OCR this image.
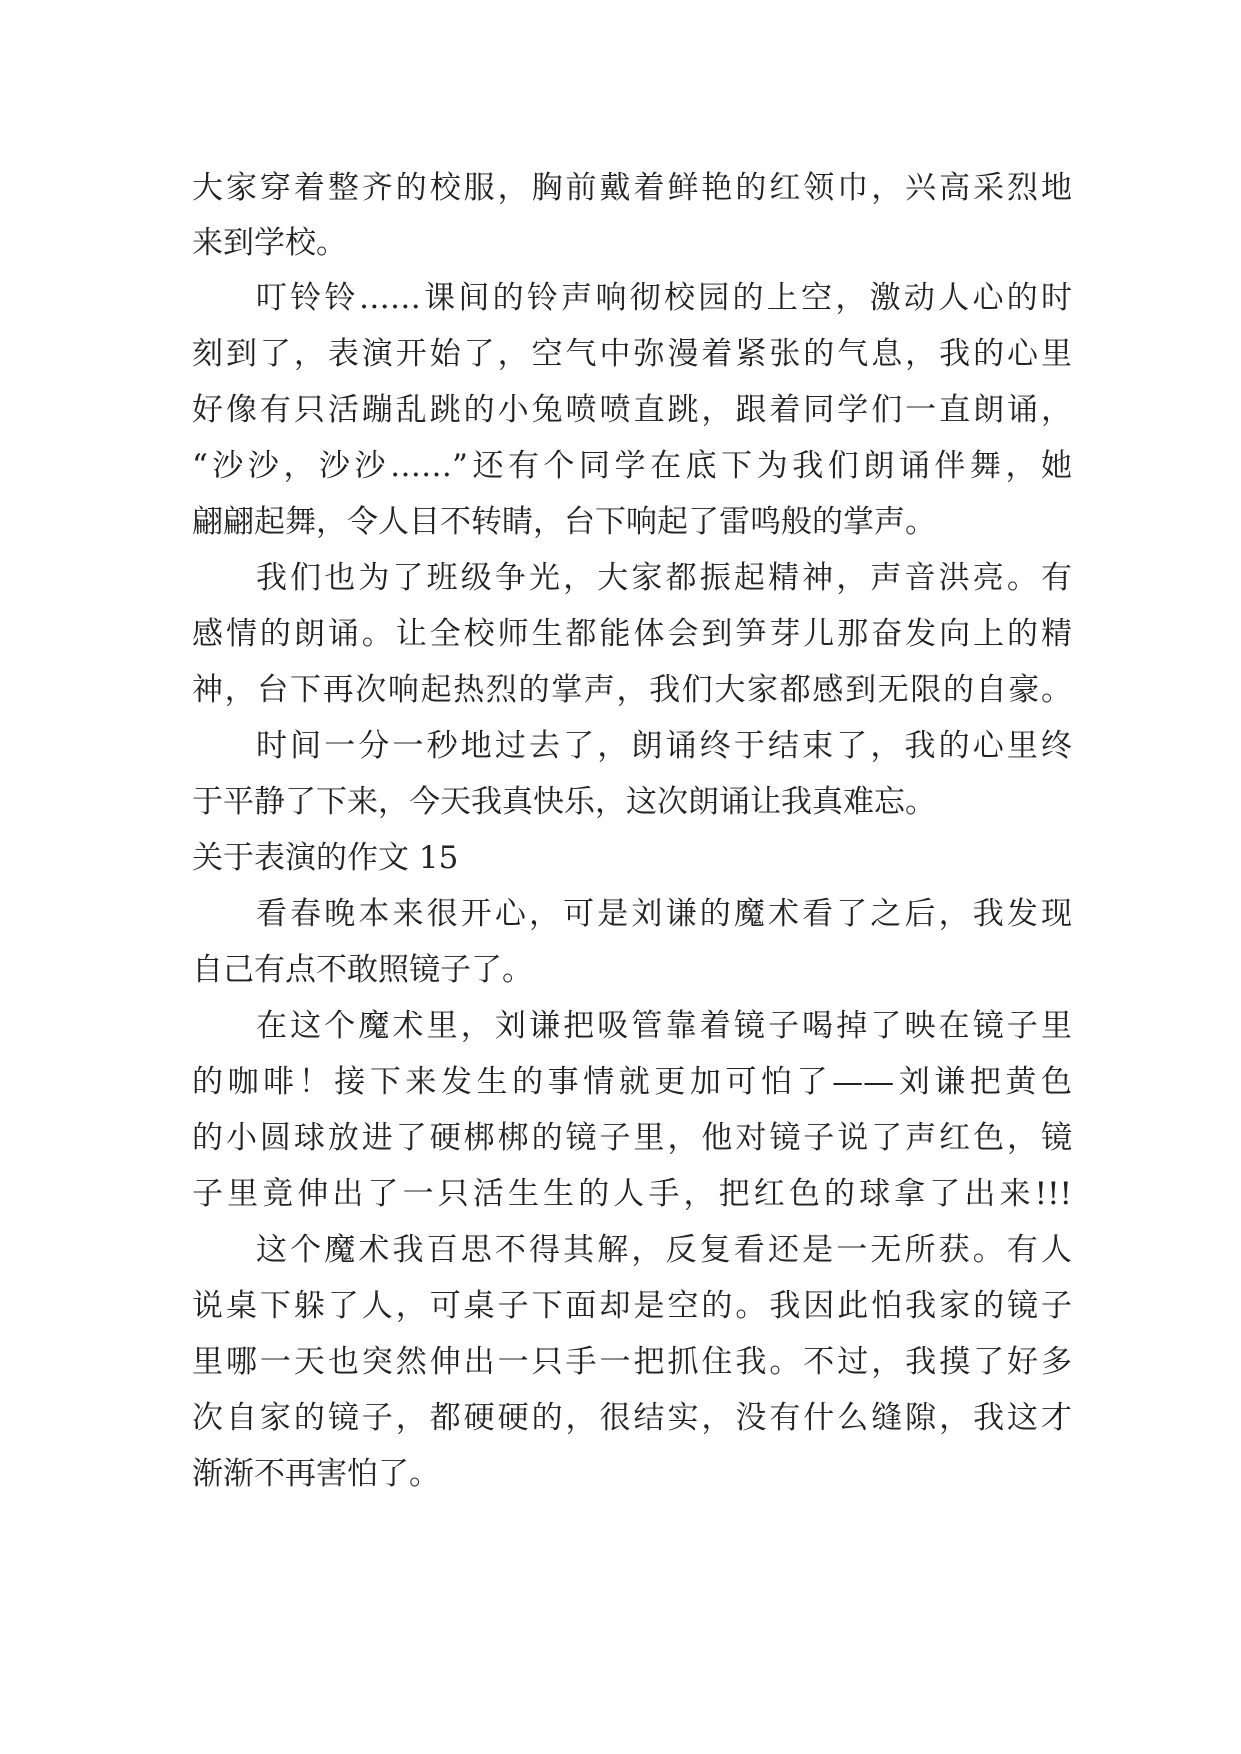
大家穿着整齐的校服，胸前戴着鲜艳的红领巾，兴高采烈地
来到学校。
叮铃铃……课间的铃声响彻校园的上空，激动人心的时
刻到了，表演开始了，空气中弥漫着紧张的气息，我的心里
好像有只活蹦乱跳的小兔喷喷直跳，跟着同学们一直朗诵，
“沙沙，沙沙……”还有个同学在底下为我们朗诵伴舞，她
翩翩起舞，令人目不转睛，台下响起了雷鸣般的掌声。
我们也为了班级争光，大家都振起精神，声音洪亮。有
感情的朗诵。让全校师生都能体会到笋芽儿那奋发向上的精
神，台下再次响起热烈的掌声，我们大家都感到无限的自豪。
时间一分一秒地过去了，朗诵终于结束了，我的心里终
于平静了下来，今天我真快乐，这次朗诵让我真难忘。
关于表演的作文 15
看春晚本来很开心，可是刘谦的魔术看了之后，我发现
自己有点不敢照镜子了。
在这个魔术里，刘谦把吸管靠着镜子喝掉了映在镜子里
的咖啡！接下来发生的事情就更加可怕了——刘谦把黄色
的小圆球放进了硬梆梆的镜子里，他对镜子说了声红色，镜
子里竟伸出了一只活生生的人手，把红色的球拿了出来!!!
这个魔术我百思不得其解，反复看还是一无所获。有人
说桌下躲了人，可桌子下面却是空的。我因此怕我家的镜子
里哪一天也突然伸出一只手一把抓住我。不过，我摸了好多
次自家的镜子，都硬硬的，很结实，没有什么缝隙，我这才
渐渐不再害怕了。
